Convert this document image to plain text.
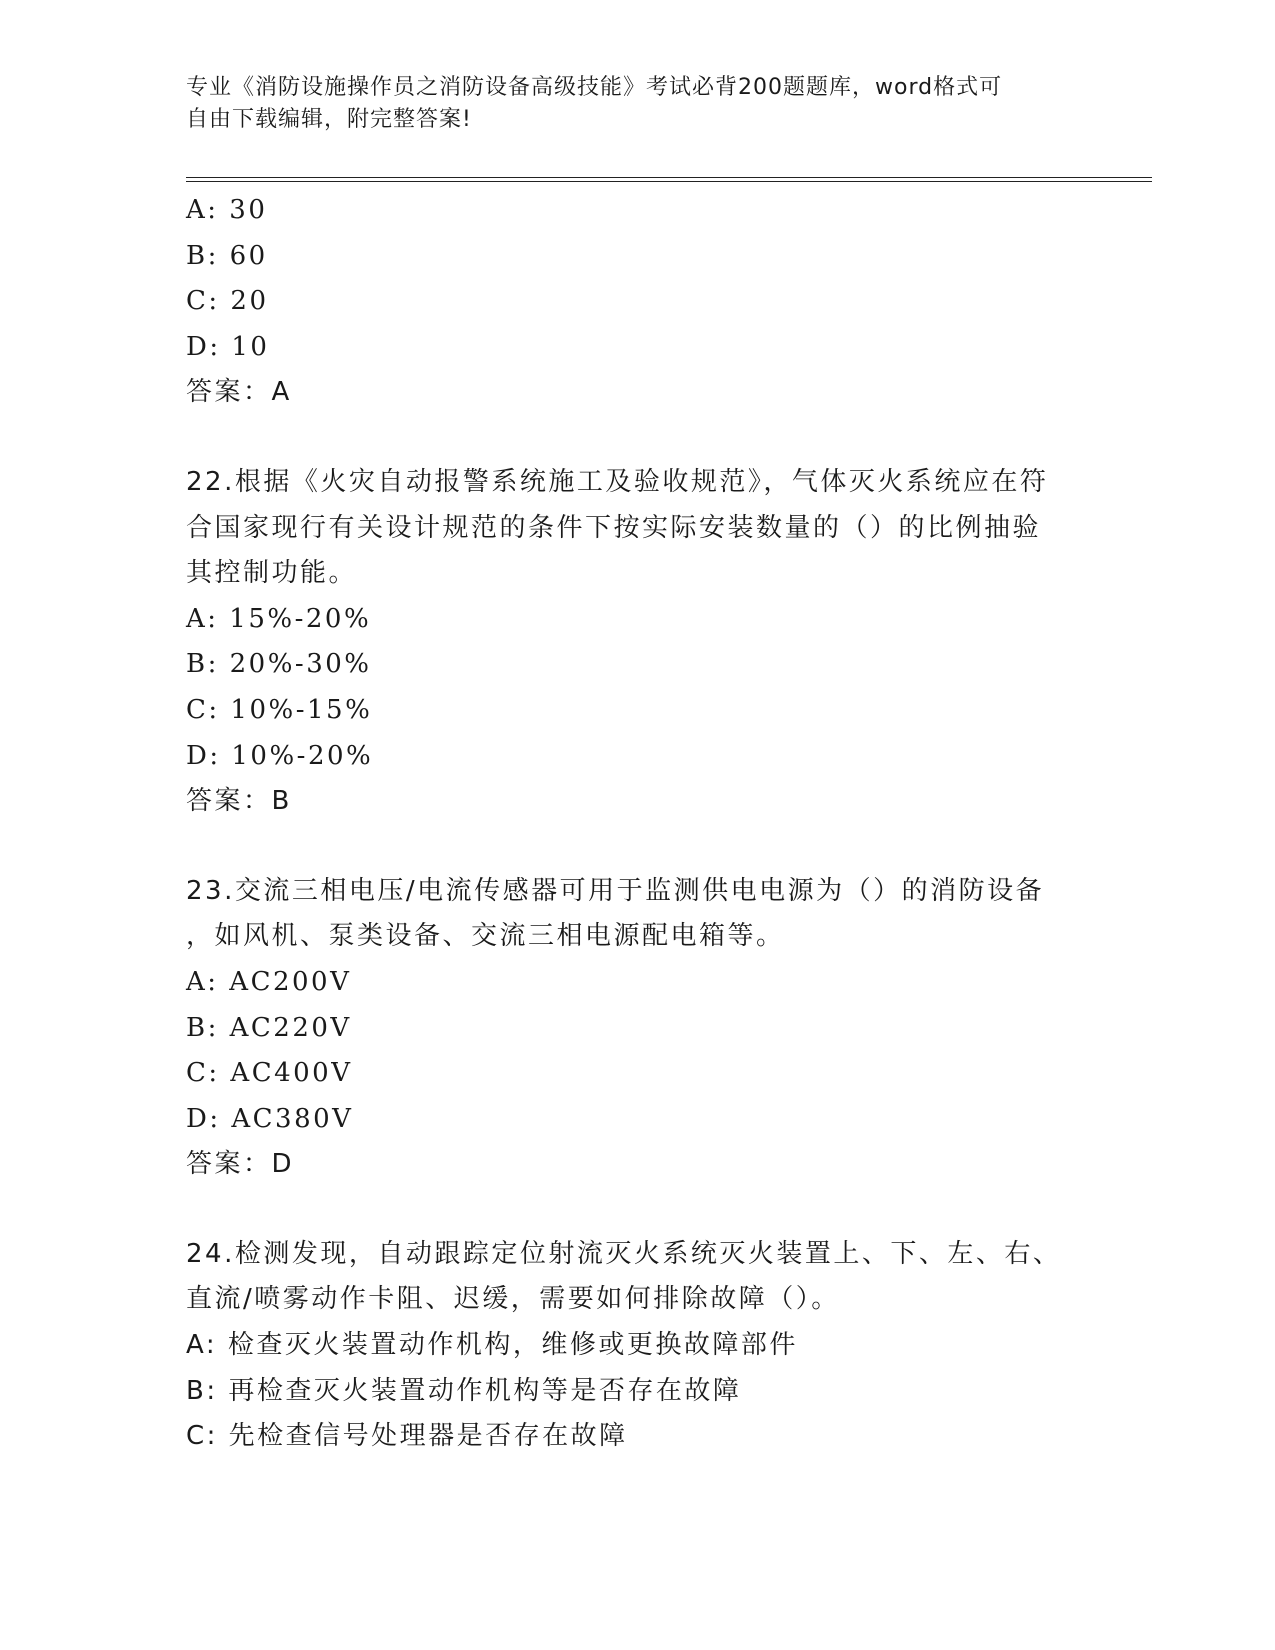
专业《消防设施操作员之消防设备高级技能》考试必背200题题库，word格式可
自由下载编辑，附完整答案!
A: 30
B: 60
C: 20
D: 10
答案：A
22.根据《火灾自动报警系统施工及验收规范》，气体灭火系统应在符
合国家现行有关设计规范的条件下按实际安装数量的（）的比例抽验
其控制功能。
A: 15%-20%
B: 20%-30%
C: 10%-15%
D: 10%-20%
答案：B
23.交流三相电压/电流传感器可用于监测供电电源为（）的消防设备
，如风机、泵类设备、交流三相电源配电箱等。
A: AC200V
B: AC220V
C: AC400V
D: AC380V
答案：D
24.检测发现，自动跟踪定位射流灭火系统灭火装置上、下、左、右、
直流/喷雾动作卡阻、迟缓，需要如何排除故障（）。
A: 检查灭火装置动作机构，维修或更换故障部件
B: 再检查灭火装置动作机构等是否存在故障
C: 先检查信号处理器是否存在故障
